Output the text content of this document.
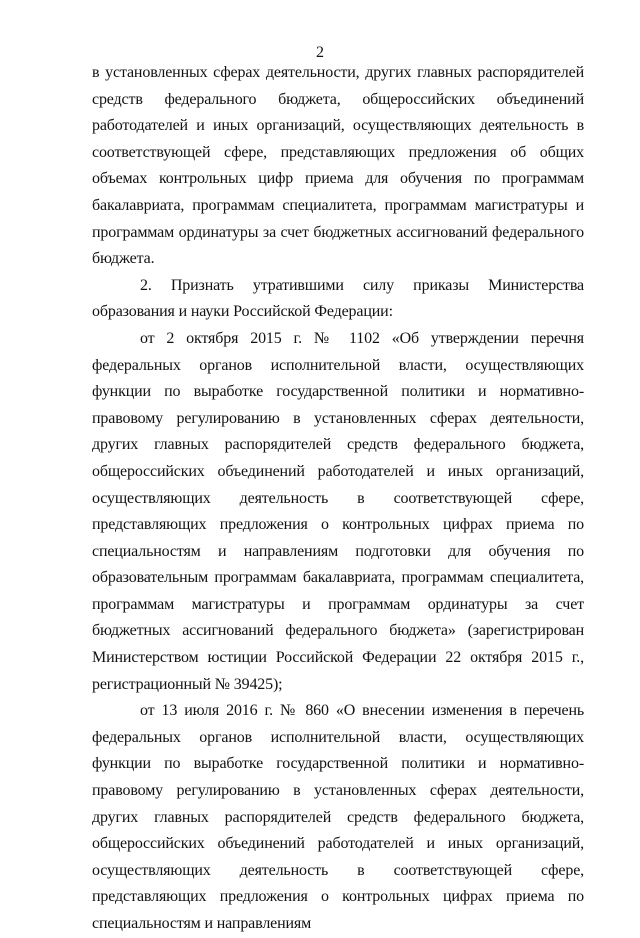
2

в установленных сферах деятельности, других главных распорядителей средств федерального бюджета, общероссийских объединений работодателей и иных организаций, осуществляющих деятельность в соответствующей сфере, представляющих предложения об общих объемах контрольных цифр приема для обучения по программам бакалавриата, программам специалитета, программам магистратуры и программам ординатуры за счет бюджетных ассигнований федерального бюджета.

2. Признать утратившими силу приказы Министерства образования и науки Российской Федерации:

от 2 октября 2015 г. № 1102 «Об утверждении перечня федеральных органов исполнительной власти, осуществляющих функции по выработке государственной политики и нормативно-правовому регулированию в установленных сферах деятельности, других главных распорядителей средств федерального бюджета, общероссийских объединений работодателей и иных организаций, осуществляющих деятельность в соответствующей сфере, представляющих предложения о контрольных цифрах приема по специальностям и направлениям подготовки для обучения по образовательным программам бакалавриата, программам специалитета, программам магистратуры и программам ординатуры за счет бюджетных ассигнований федерального бюджета» (зарегистрирован Министерством юстиции Российской Федерации 22 октября 2015 г., регистрационный № 39425);

от 13 июля 2016 г. № 860 «О внесении изменения в перечень федеральных органов исполнительной власти, осуществляющих функции по выработке государственной политики и нормативно-правовому регулированию в установленных сферах деятельности, других главных распорядителей средств федерального бюджета, общероссийских объединений работодателей и иных организаций, осуществляющих деятельность в соответствующей сфере, представляющих предложения о контрольных цифрах приема по специальностям и направлениям
